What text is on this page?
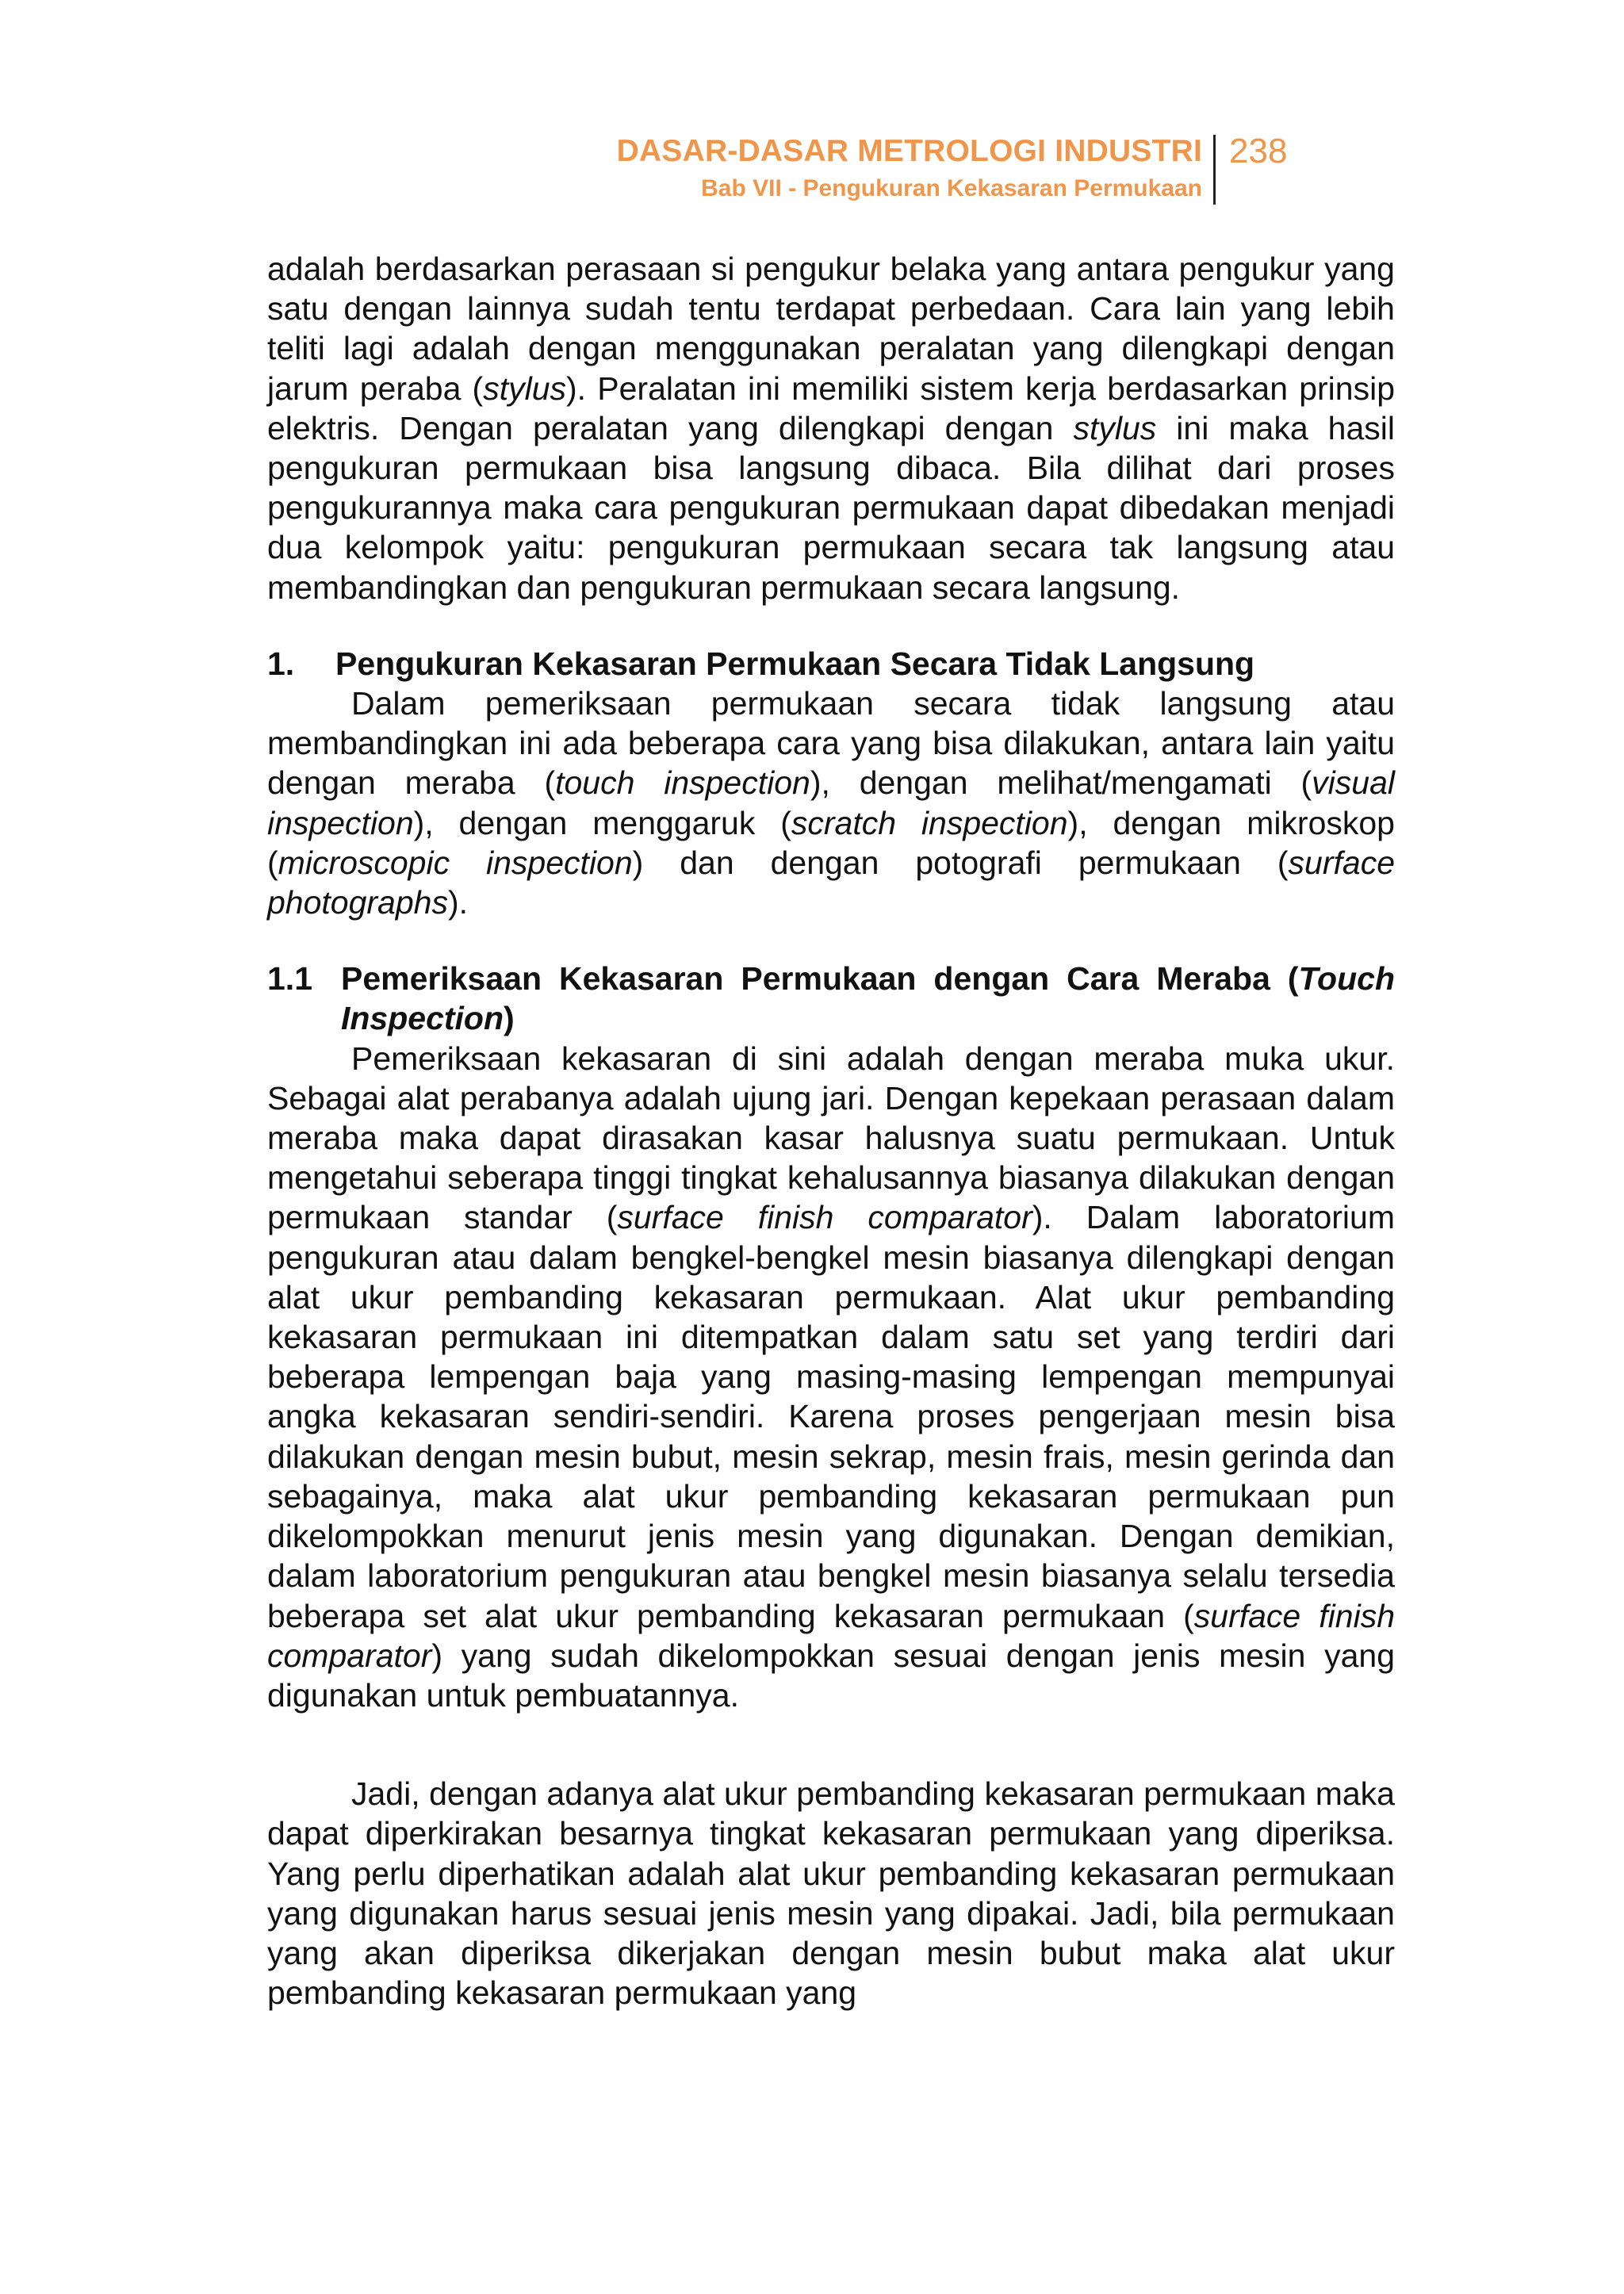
DASAR-DASAR METROLOGI INDUSTRI
Bab VII - Pengukuran Kekasaran Permukaan
238

adalah berdasarkan perasaan si pengukur belaka yang antara pengukur yang satu dengan lainnya sudah tentu terdapat perbedaan. Cara lain yang lebih teliti lagi adalah dengan menggunakan peralatan yang dilengkapi dengan jarum peraba (stylus). Peralatan ini memiliki sistem kerja berdasarkan prinsip elektris. Dengan peralatan yang dilengkapi dengan stylus ini maka hasil pengukuran permukaan bisa langsung dibaca. Bila dilihat dari proses pengukurannya maka cara pengukuran permukaan dapat dibedakan menjadi dua kelompok yaitu: pengukuran permukaan secara tak langsung atau membandingkan dan pengukuran permukaan secara langsung.

1. Pengukuran Kekasaran Permukaan Secara Tidak Langsung

Dalam pemeriksaan permukaan secara tidak langsung atau membandingkan ini ada beberapa cara yang bisa dilakukan, antara lain yaitu dengan meraba (touch inspection), dengan melihat/mengamati (visual inspection), dengan menggaruk (scratch inspection), dengan mikroskop (microscopic inspection) dan dengan potografi permukaan (surface photographs).

1.1 Pemeriksaan Kekasaran Permukaan dengan Cara Meraba (Touch Inspection)

Pemeriksaan kekasaran di sini adalah dengan meraba muka ukur. Sebagai alat perabanya adalah ujung jari. Dengan kepekaan perasaan dalam meraba maka dapat dirasakan kasar halusnya suatu permukaan. Untuk mengetahui seberapa tinggi tingkat kehalusannya biasanya dilakukan dengan permukaan standar (surface finish comparator). Dalam laboratorium pengukuran atau dalam bengkel-bengkel mesin biasanya dilengkapi dengan alat ukur pembanding kekasaran permukaan. Alat ukur pembanding kekasaran permukaan ini ditempatkan dalam satu set yang terdiri dari beberapa lempengan baja yang masing-masing lempengan mempunyai angka kekasaran sendiri-sendiri. Karena proses pengerjaan mesin bisa dilakukan dengan mesin bubut, mesin sekrap, mesin frais, mesin gerinda dan sebagainya, maka alat ukur pembanding kekasaran permukaan pun dikelompokkan menurut jenis mesin yang digunakan. Dengan demikian, dalam laboratorium pengukuran atau bengkel mesin biasanya selalu tersedia beberapa set alat ukur pembanding kekasaran permukaan (surface finish comparator) yang sudah dikelompokkan sesuai dengan jenis mesin yang digunakan untuk pembuatannya.

Jadi, dengan adanya alat ukur pembanding kekasaran permukaan maka dapat diperkirakan besarnya tingkat kekasaran permukaan yang diperiksa. Yang perlu diperhatikan adalah alat ukur pembanding kekasaran permukaan yang digunakan harus sesuai jenis mesin yang dipakai. Jadi, bila permukaan yang akan diperiksa dikerjakan dengan mesin bubut maka alat ukur pembanding kekasaran permukaan yang
